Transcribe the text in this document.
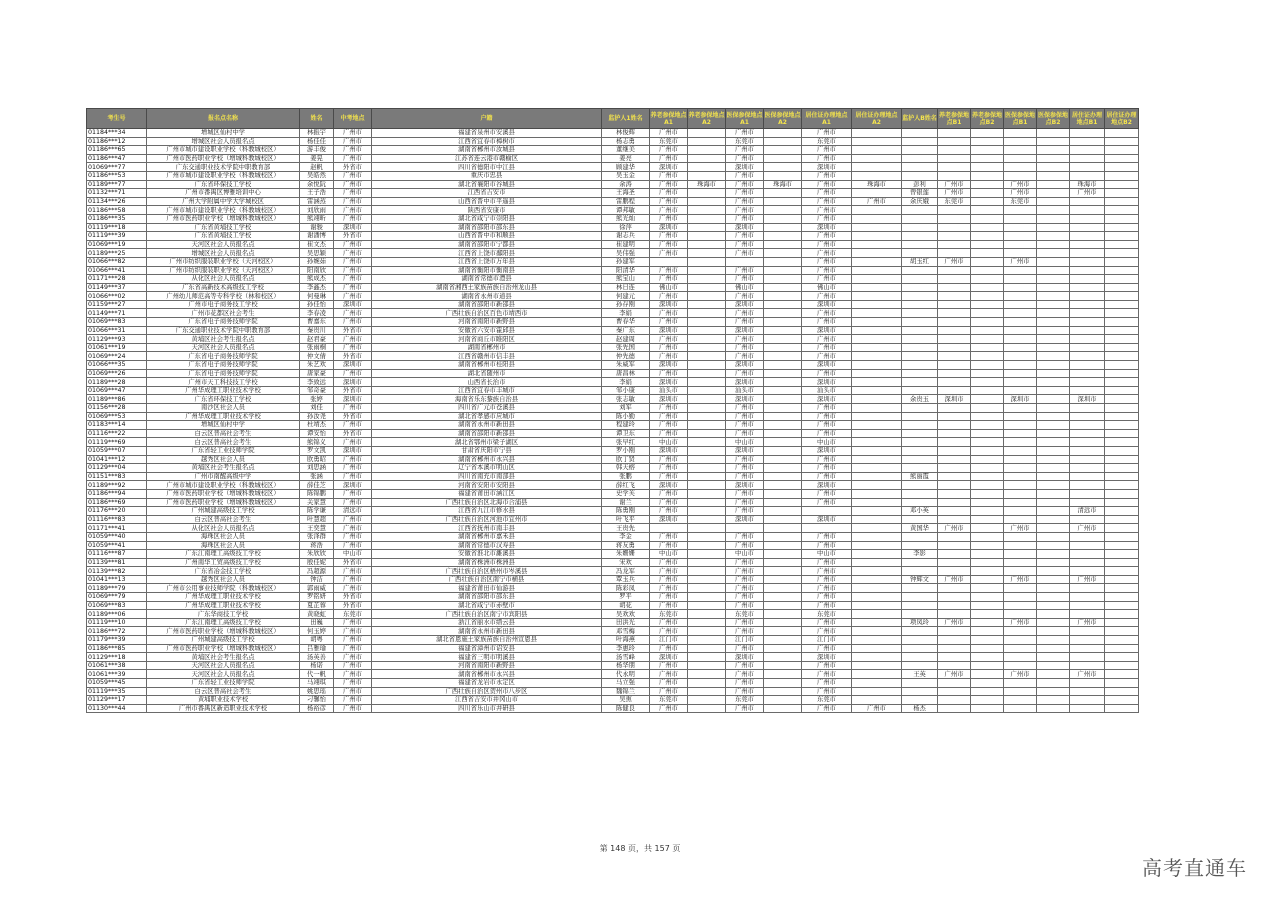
考生号	报名点名称	姓名	中考地点	户籍	监护人1姓名	养老参保地点A1	养老参保地点A2	医保参保地点A1	医保参保地点A2	居住证办理地点A1	居住证办理地点A2	监护人B姓名	养老参保地点B1	养老参保地点B2	医保参保地点B1	医保参保地点B2	居住证办理地点B1	居住证办理地点B2
01184***34	增城区仙村中学	林振宇	广州市	福建省泉州市安溪县	林俊辉	广州市		广州市		广州市								
01186***12	增城区社会人员报名点	杨佳佳	广州市	江西省宜春市樟树市	杨志勇	东莞市		东莞市		东莞市								
01186***65	广州市城市建设职业学校（科教城校区）	游丰俊	广州市	湖南省郴州市汝城县	董继美	广州市		广州市		广州市								
01186***47	广州市医药职业学校（增城科教城校区）	姜晃	广州市	江苏省连云港市赣榆区	姜亮	广州市		广州市		广州市								
01069***77	广东交通职业技术学院中职教育部	赵帆	外省市	四川省德阳市中江县	顾建华	深圳市		深圳市		深圳市								
01186***53	广州市城市建设职业学校（科教城校区）	吴皓然	广州市	重庆市忠县	吴玉金	广州市		广州市		广州市								
01189***77	广东省环保技工学校	余悦阮	广州市	湖北省襄阳市谷城县	余涛	广州市	珠海市	广州市	珠海市	广州市	珠海市	彭利	广州市		广州市		珠海市	
01132***71	广州市番禺区博雅培训中心	王子浩	广州市	江西省吉安市	王海圣	广州市		广州市		广州市		曾银莲	广州市		广州市		广州市	
01134***26	广州大学附属中学大学城校区	雷涵蒸	广州市	山西省晋中市平遥县	雷鹏程	广州市		广州市		广州市	广州市	余庆娥	东莞市		东莞市			
01186***58	广州市城市建设职业学校（科教城校区）	刘欣雨	广州市	陕西省安康市	谭邦敏	广州市		广州市		广州市								
01186***35	广州市医药职业学校（增城科教城校区）	熊翊昕	广州市	湖北省咸宁市崇阳县	熊光灿	广州市		广州市		广州市								
01119***18	广东省黄埔技工学校	谢骏	深圳市	湖南省邵阳市邵东县	徐萍	深圳市		深圳市		深圳市								
01119***39	广东省黄埔技工学校	谢潘博	外省市	山西省晋中市和顺县	谢志兵	广州市		广州市		广州市								
01069***19	天河区社会人员报名点	崔文杰	广州市	湖南省邵阳市宁都县	崔建明	广州市		广州市		广州市								
01189***25	增城区社会人员报名点	吴思颖	广州市	江西省上饶市鄱阳县	吴伟强	广州市		广州市		广州市								
01066***82	广州市纺织服装职业学校（天河校区）	孙婉茹	广州市	江西省上饶市万年县	孙建军					广州市		胡玉红	广州市		广州市			
01066***41	广州市纺织服装职业学校（天河校区）	阳南欣	广州市	湖南省衡阳市衡南县	阳清华	广州市		广州市		广州市								
01171***28	从化区社会人员报名点	熊成杰	广州市	湖南省常德市澧县	熊宝山	广州市		广州市		广州市								
01149***37	广东省高新技术高级技工学校	李鑫杰	广州市	湖南省湘西土家族苗族自治州龙山县	林日连	佛山市		佛山市		佛山市								
01066***02	广州幼儿师范高等专科学校（林和校区）	何曼琳	广州市	湖南省永州市道县	何建元	广州市		广州市		广州市								
01159***27	广州市电子商务技工学校	孙佳怡	深圳市	湖南省邵阳市新邵县	孙存刚	深圳市		深圳市		深圳市								
01149***71	广州市花都区社会考生	李春凌	广州市	广西壮族自治区百色市靖西市	李娟	广州市		广州市		广州市								
01069***83	广东省电子商务技师学院	曹嘉东	广州市	河南省南阳市新野县	曹春华	广州市		广州市		广州市								
01066***31	广东交通职业技术学院中职教育部	秦贵川	外省市	安徽省六安市霍邱县	秦广东	深圳市		深圳市		深圳市								
01129***93	黄埔区社会考生报名点	赵君豪	广州市	河南省商丘市睢阳区	赵建周	广州市		广州市		广州市								
01061***19	天河区社会人员报名点	张雨桐	广州市	湖南省郴州市	张先国	广州市		广州市		广州市								
01069***24	广东省电子商务技师学院	仲文倩	外省市	江西省赣州市信丰县	仲先德	广州市		广州市		广州市								
01066***35	广东省电子商务技师学院	朱艺欢	深圳市	湖南省郴州市桂阳县	朱威军	深圳市		深圳市		深圳市								
01069***26	广东省电子商务技师学院	唐家豪	广州市	湖北省随州市	唐昌林	广州市		广州市		广州市								
01189***28	广州市天工科技技工学校	李致远	深圳市	山西省长治市	李娟	深圳市		深圳市		深圳市								
01069***47	广州华成理工职业技术学校	邹奇豪	外省市	江西省宜春市丰城市	邹小康	汕头市		汕头市		汕头市								
01189***86	广东省环保技工学校	张婷	深圳市	海南省乐东黎族自治县	张志敏	深圳市		深圳市		深圳市		余贵玉	深圳市		深圳市		深圳市	
01156***28	南沙区社会人员	刘佳	广州市	四川省广元市苍溪县	刘军	广州市		广州市		广州市								
01069***53	广州华成理工职业技术学校	孙汝尧	外省市	湖北省孝感市应城市	陈小勤	广州市		广州市		广州市								
01183***14	增城区仙村中学	杜靖杰	广州市	湖南省永州市新田县	程建玲	广州市		广州市		广州市								
01116***22	白云区普高社会考生	谭安怡	外省市	湖南省邵阳市新邵县	谭卫东	广州市		广州市		广州市								
01119***69	白云区普高社会考生	熊锦义	广州市	湖北省鄂州市梁子湖区	张早红	中山市		中山市		中山市								
01059***07	广东省轻工业技师学院	罗文凯	深圳市	甘肃省庆阳市宁县	罗小刚	深圳市		深圳市		深圳市								
01041***12	越秀区社会人员	欧勇昭	广州市	湖南省郴州市永兴县	欧丁贤	广州市		广州市		广州市								
01129***04	黄埔区社会考生报名点	刘思涵	广州市	辽宁省本溪市明山区	韩天榕	广州市		广州市		广州市								
01151***83	广州市南醒高级中学	张涵	广州市	四川省南充市南部县	张鹏	广州市		广州市		广州市		熊丽霞						
01189***92	广州市城市建设职业学校（科教城校区）	薛佳芝	深圳市	河南省安阳市安阳县	薛红飞	深圳市		深圳市		深圳市								
01186***94	广州市医药职业学校（增城科教城校区）	陈锦鹏	广州市	福建省莆田市涵江区	史学芙	广州市		广州市		广州市								
01186***69	广州市医药职业学校（增城科教城校区）	关家慧	广州市	广西壮族自治区北海市合浦县	谢兰	广州市		广州市		广州市								
01176***20	广州城建高级技工学校	陈学谦	清远市	江西省九江市修水县	陈勇刚	广州市		广州市				邓小英					清远市	
01116***83	白云区普高社会考生	叶慧超	广州市	广西壮族自治区河池市宜州市	叶飞平	深圳市		深圳市		深圳市								
01171***41	从化区社会人员报名点	王奕慧	广州市	江西省抚州市南丰县	王贵先							黄国华	广州市		广州市		广州市	
01059***40	海珠区社会人员	张泽群	广州市	湖南省郴州市嘉禾县	李金	广州市		广州市		广州市								
01059***41	海珠区社会人员	蒋浩	广州市	湖南省常德市汉寿县	蒋友勇	广州市		广州市		广州市								
01116***87	广东江南理工高级技工学校	朱欣欣	中山市	安徽省淮北市濉溪县	朱姗姗	中山市		中山市		中山市		李影						
01139***81	广州南华工贸高级技工学校	殷佳妮	外省市	湖南省株洲市株洲县	宋欢	广州市		广州市		广州市								
01139***82	广东省冶金技工学校	冯超源	广州市	广西壮族自治区梧州市岑溪县	冯龙军	广州市		广州市		广州市								
01041***13	越秀区社会人员	钟洁	广州市	广西壮族自治区南宁市横县	覃玉兵	广州市		广州市		广州市		钟辉文	广州市		广州市		广州市	
01189***79	广州市公用事业技师学院（科教城校区）	郭雨威	广州市	福建省莆田市仙游县	陈彩凤	广州市		广州市		广州市								
01069***79	广州华成理工职业技术学校	罗铭妍	外省市	湖南省邵阳市邵东县	罗平	广州市		广州市		广州市								
01069***83	广州华成理工职业技术学校	夏芷蓉	外省市	湖北省咸宁市赤壁市	胡花	广州市		广州市		广州市								
01189***06	广东华商技工学校	黄晓虹	东莞市	广西壮族自治区南宁市宾阳县	吴欢欢	东莞市		东莞市		东莞市								
01119***10	广东江南理工高级技工学校	田巍	广州市	浙江省丽水市缙云县	田洪光	广州市		广州市		广州市		项凤玲	广州市		广州市		广州市	
01186***72	广州市医药职业学校（增城科教城校区）	何玉婷	广州市	湖南省永州市新田县	邓雪梅	广州市		广州市		广州市								
01179***39	广州城建高级技工学校	胡粤	广州市	湖北省恩施土家族苗族自治州宣恩县	叶海燕	江门市		江门市		江门市								
01186***85	广州市医药职业学校（增城科教城校区）	吕雅瑜	广州市	福建省漳州市诏安县	李惠玲	广州市		广州市		广州市								
01129***18	黄埔区社会考生报名点	汤英善	广州市	福建省三明市明溪县	汤雪峰	深圳市		深圳市		深圳市								
01061***38	天河区社会人员报名点	杨诺	广州市	河南省南阳市新野县	杨华朋	广州市		广州市		广州市								
01061***39	天河区社会人员报名点	代一帆	广州市	湖南省郴州市永兴县	代永明	广州市		广州市		广州市		王英	广州市		广州市		广州市	
01059***45	广东省轻工业技师学院	马翊琪	广州市	福建省龙岩市永定区	马立强	广州市		广州市		广州市								
01119***35	白云区普高社会考生	姚思瑶	广州市	广西壮族自治区贺州市八步区	魏锦兰	广州市		广州市		广州市								
01129***17	黄埔职业技术学校	刁馨怡	广州市	江西省吉安市井冈山市	吴熏	东莞市		东莞市		东莞市								
01130***44	广州市番禺区新造职业技术学校	杨裕彦	广州市	四川省乐山市井研县	陈健良	广州市		广州市		广州市	广州市	杨杰						
第 148 页，共 157 页
高考直通车
